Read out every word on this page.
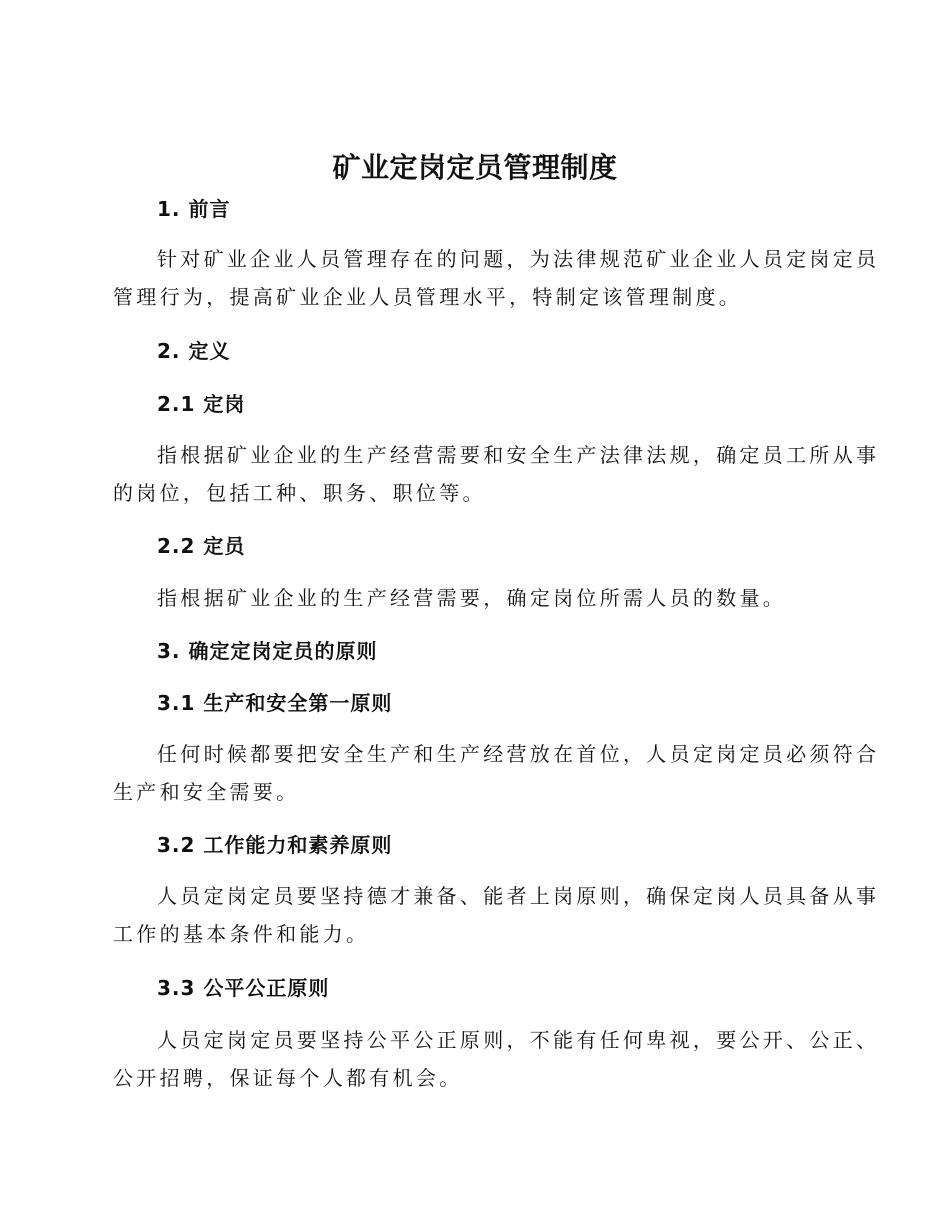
矿业定岗定员管理制度
1. 前言
针对矿业企业人员管理存在的问题，为法律规范矿业企业人员定岗定员
管理行为，提高矿业企业人员管理水平，特制定该管理制度。
2. 定义
2.1 定岗
指根据矿业企业的生产经营需要和安全生产法律法规，确定员工所从事
的岗位，包括工种、职务、职位等。
2.2 定员
指根据矿业企业的生产经营需要，确定岗位所需人员的数量。
3. 确定定岗定员的原则
3.1 生产和安全第一原则
任何时候都要把安全生产和生产经营放在首位，人员定岗定员必须符合
生产和安全需要。
3.2 工作能力和素养原则
人员定岗定员要坚持德才兼备、能者上岗原则，确保定岗人员具备从事
工作的基本条件和能力。
3.3 公平公正原则
人员定岗定员要坚持公平公正原则，不能有任何卑视，要公开、公正、
公开招聘，保证每个人都有机会。
